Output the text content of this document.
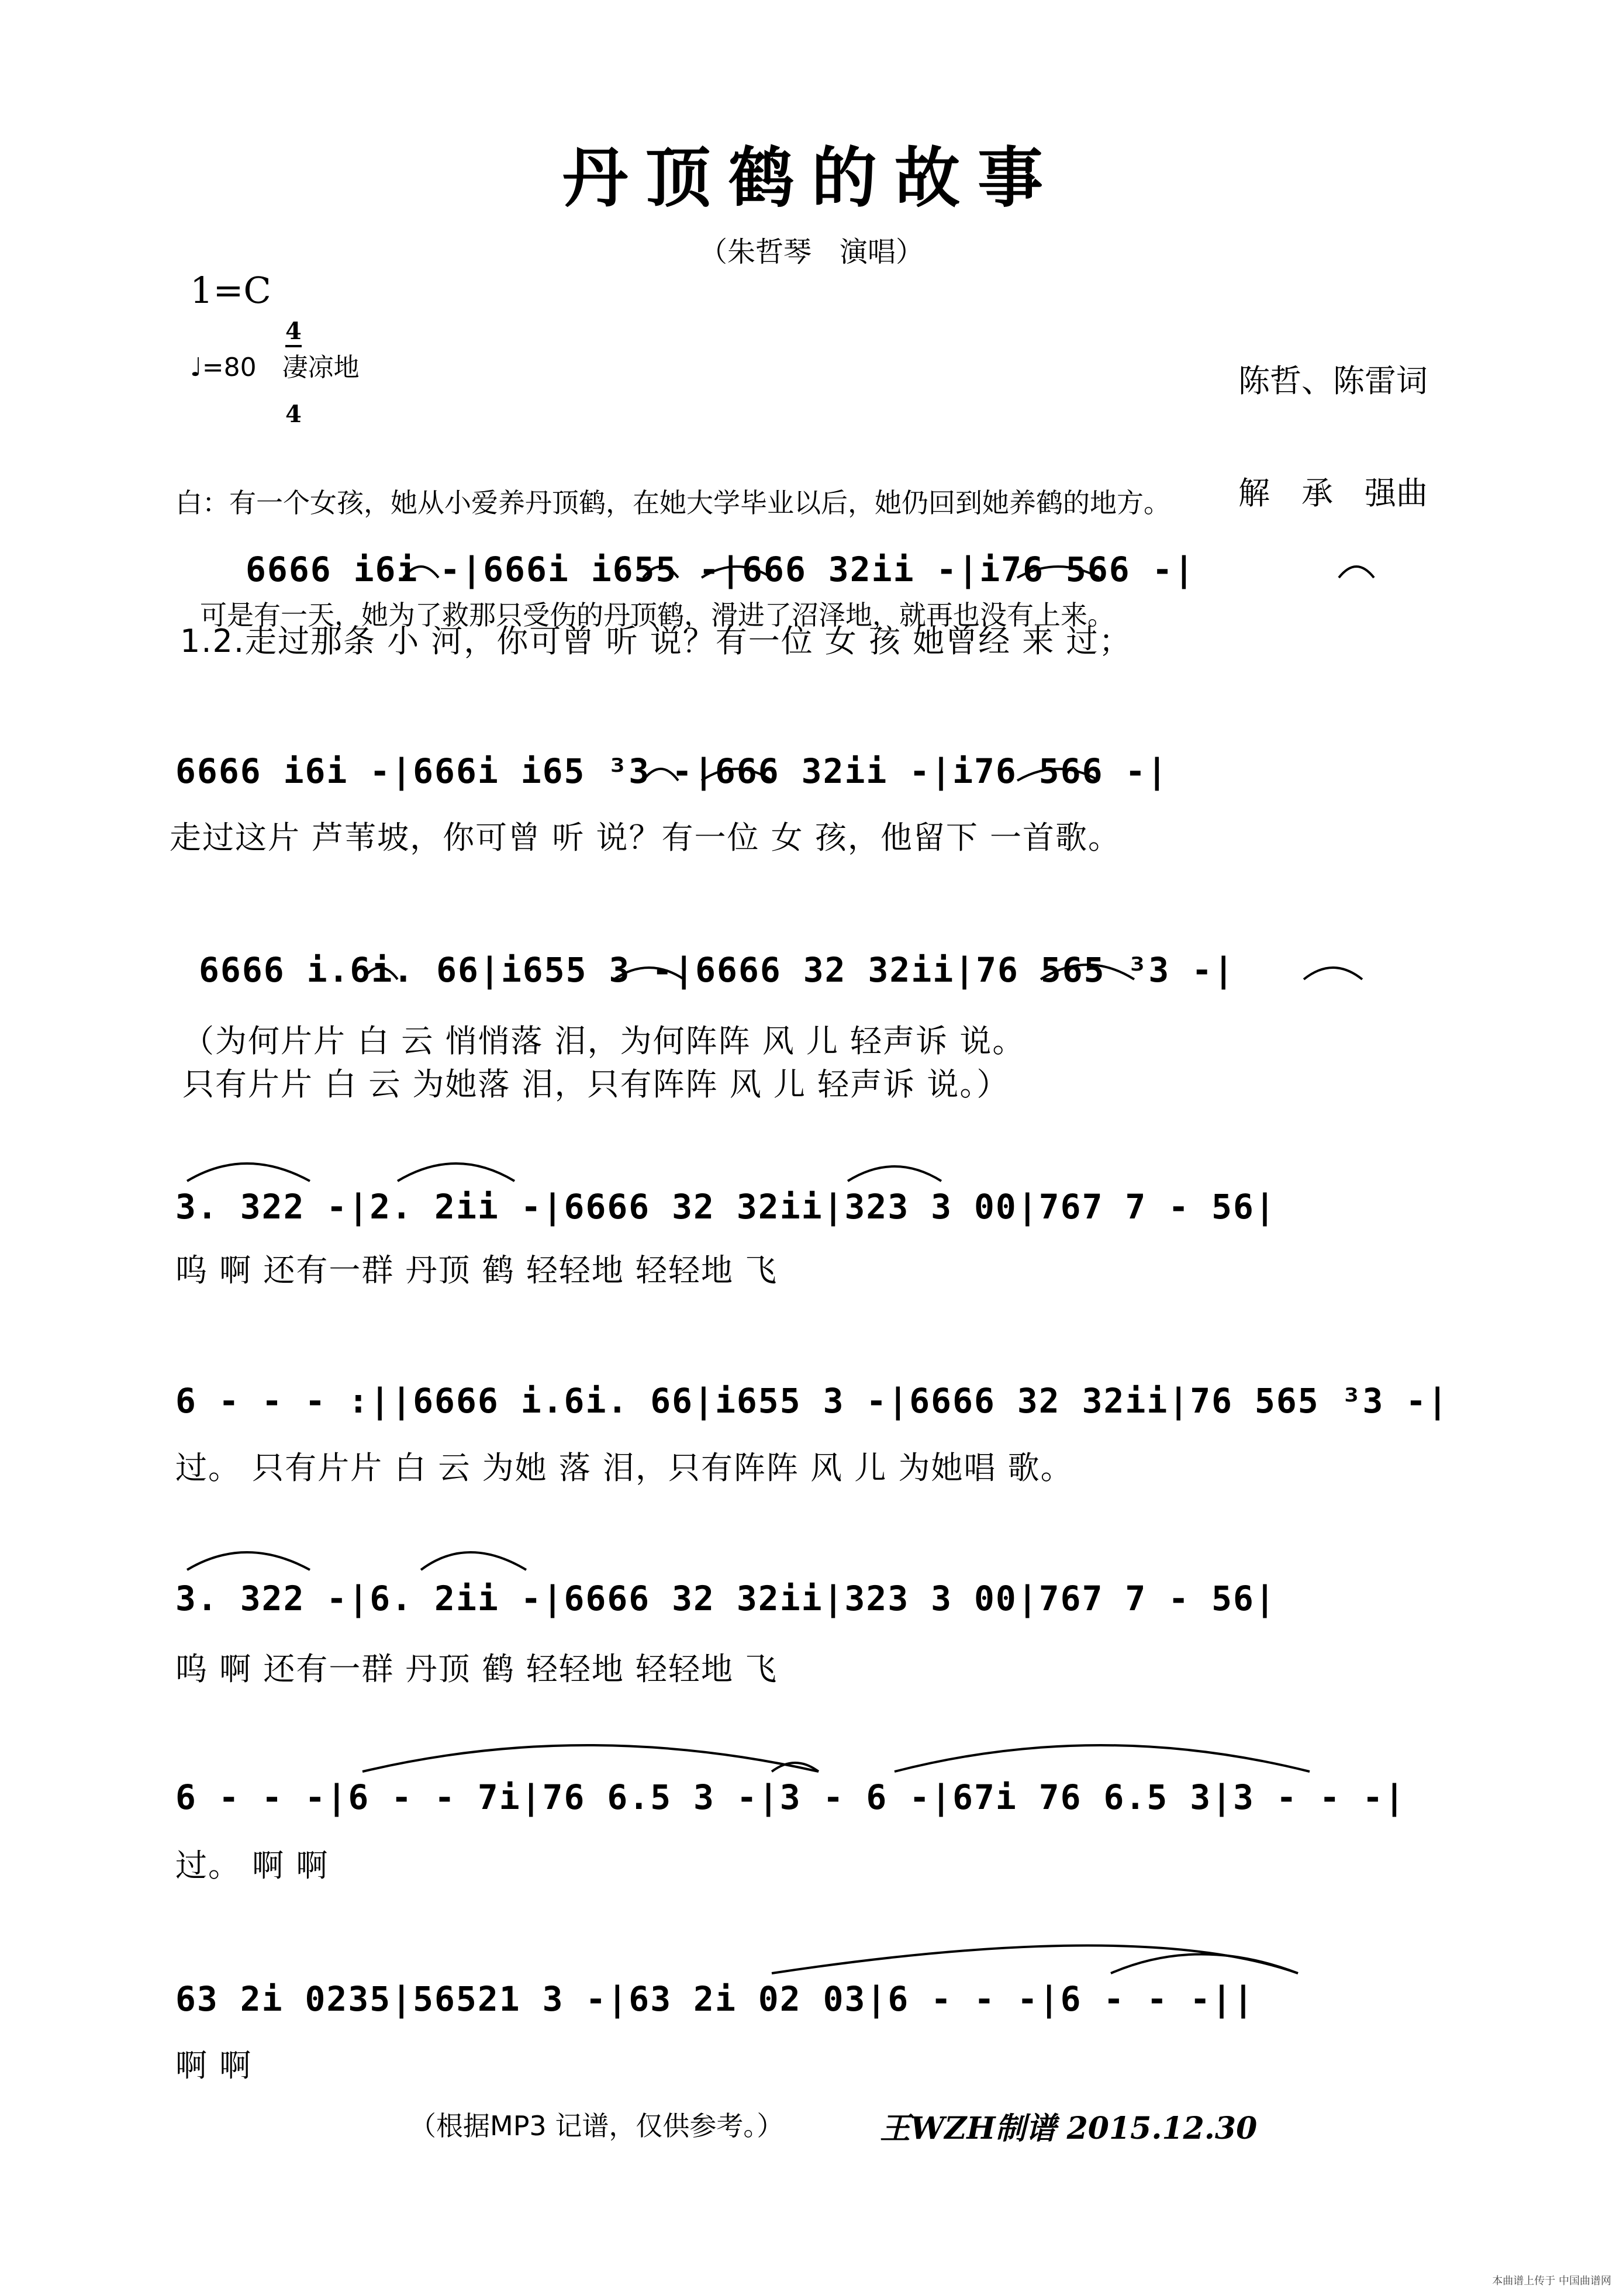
丹顶鹤的故事
（朱哲琴　演唱）
1=C

4

4

♩=80　凄凉地

	陈哲、陈雷词

解　承　强曲

白：有一个女孩，她从小爱养丹顶鹤，在她大学毕业以后，她仍回到她养鹤的地方。

可是有一天，她为了救那只受伤的丹顶鹤，滑进了沼泽地，就再也没有上来。

6666 i6i -|666i i655 -|666 32ii -|i76 566 -|
1.2.走过那条 小 河，你可曾 听 说？有一位 女 孩 她曾经 来 过；
6666 i6i -|666i i65 ³3 -|666 32ii -|i76 566 -|
走过这片 芦苇坡，你可曾 听 说？有一位 女 孩，他留下 一首歌。
6666 i.6i. 66|i655 3 -|6666 32 32ii|76 565 ³3 -|
（为何片片 白 云 悄悄落 泪，为何阵阵 风 儿 轻声诉 说。
只有片片 白 云 为她落 泪，只有阵阵 风 儿 轻声诉 说。）
3. 322 -|2. 2ii -|6666 32 32ii|323 3 00|767 7 - 56|
呜 啊 还有一群 丹顶 鹤 轻轻地 轻轻地 飞
6 - - - :||6666 i.6i. 66|i655 3 -|6666 32 32ii|76 565 ³3 -|
过。 只有片片 白 云 为她 落 泪，只有阵阵 风 儿 为她唱 歌。
3. 322 -|6. 2ii -|6666 32 32ii|323 3 00|767 7 - 56|
呜 啊 还有一群 丹顶 鹤 轻轻地 轻轻地 飞
6 - - -|6 - - 7i|76 6.5 3 -|3 - 6 -|67i 76 6.5 3|3 - - -|
过。 啊 啊
63 2i 0235|56521 3 -|63 2i 02 03|6 - - -|6 - - -||
啊 啊
（根据MP3 记谱，仅供参考。）	王WZH制谱 2015.12.30
本曲谱上传于 中国曲谱网
